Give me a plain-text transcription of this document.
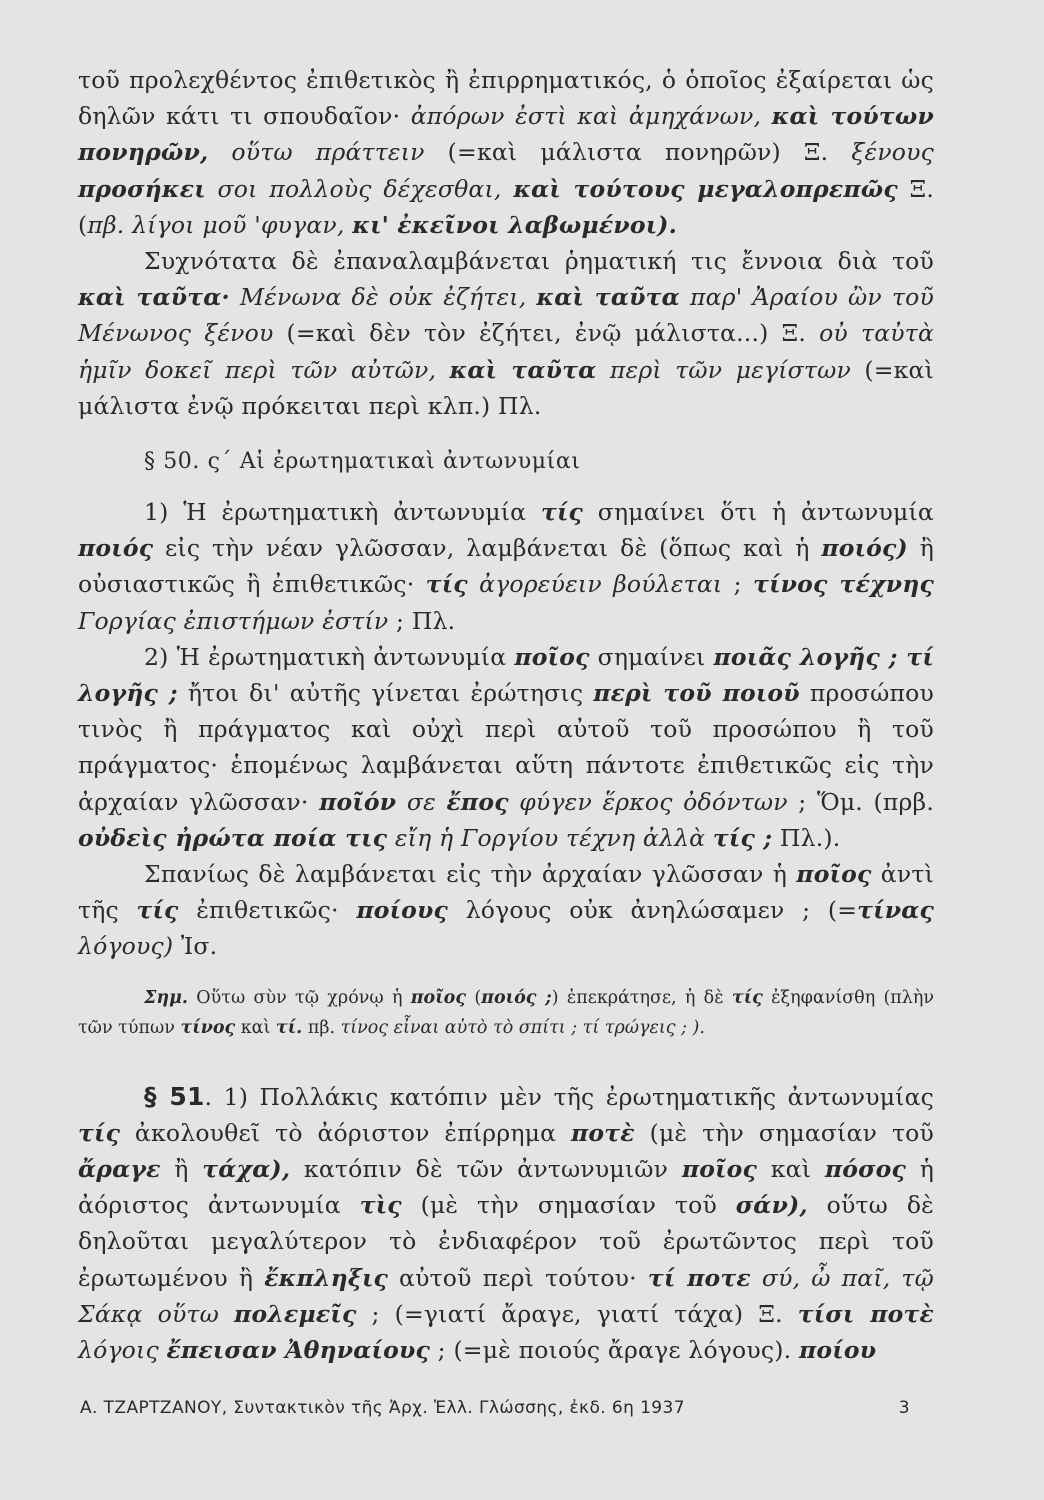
τοῦ προλεχθέντος ἐπιθετικὸς ἢ ἐπιρρηματικός, ὁ ὁποῖος ἐξαίρεται ὡς δηλῶν κάτι τι σπουδαῖον· ἀπόρων ἐστὶ καὶ ἀμηχάνων, καὶ τούτων πονηρῶν, οὕτω πράττειν (=καὶ μάλιστα πονηρῶν) Ξ. ξένους προσήκει σοι πολλοὺς δέχεσθαι, καὶ τούτους μεγαλοπρεπῶς Ξ. (πβ. λίγοι μοῦ 'φυγαν, κι' ἐκεῖνοι λαβωμένοι).

Συχνότατα δὲ ἐπαναλαμβάνεται ῥηματική τις ἔννοια διὰ τοῦ καὶ ταῦτα· Μένωνα δὲ οὐκ ἐζήτει, καὶ ταῦτα παρ' Ἀραίου ὢν τοῦ Μένωνος ξένου (=καὶ δὲν τὸν ἐζήτει, ἐνῷ μάλιστα...) Ξ. οὐ ταὐτὰ ἡμῖν δοκεῖ περὶ τῶν αὐτῶν, καὶ ταῦτα περὶ τῶν μεγίστων (=καὶ μάλιστα ἐνῷ πρόκειται περὶ κλπ.) Πλ.

§ 50. ς΄ Αἱ ἐρωτηματικαὶ ἀντωνυμίαι

1) Ἡ ἐρωτηματικὴ ἀντωνυμία τίς σημαίνει ὅτι ἡ ἀντωνυμία ποιός εἰς τὴν νέαν γλῶσσαν, λαμβάνεται δὲ (ὅπως καὶ ἡ ποιός) ἢ οὐσιαστικῶς ἢ ἐπιθετικῶς· τίς ἀγορεύειν βούλεται ; τίνος τέχνης Γοργίας ἐπιστήμων ἐστίν ; Πλ.

2) Ἡ ἐρωτηματικὴ ἀντωνυμία ποῖος σημαίνει ποιᾶς λογῆς ; τί λογῆς ; ἤτοι δι' αὐτῆς γίνεται ἐρώτησις περὶ τοῦ ποιοῦ προσώπου τινὸς ἢ πράγματος καὶ οὐχὶ περὶ αὐτοῦ τοῦ προσώπου ἢ τοῦ πράγματος· ἑπομένως λαμβάνεται αὕτη πάντοτε ἐπιθετικῶς εἰς τὴν ἀρχαίαν γλῶσσαν· ποῖόν σε ἔπος φύγεν ἕρκος ὀδόντων ; Ὅμ. (πρβ. οὐδεὶς ἠρώτα ποία τις εἴη ἡ Γοργίου τέχνη ἀλλὰ τίς ; Πλ.).

Σπανίως δὲ λαμβάνεται εἰς τὴν ἀρχαίαν γλῶσσαν ἡ ποῖος ἀντὶ τῆς τίς ἐπιθετικῶς· ποίους λόγους οὐκ ἀνηλώσαμεν ; (=τίνας λόγους) Ἰσ.

Σημ. Οὕτω σὺν τῷ χρόνῳ ἡ ποῖος (ποιός ;) ἐπεκράτησε, ἡ δὲ τίς ἐξηφανίσθη (πλὴν τῶν τύπων τίνος καὶ τί. πβ. τίνος εἶναι αὐτὸ τὸ σπίτι ; τί τρώγεις ; ).

§ 51. 1) Πολλάκις κατόπιν μὲν τῆς ἐρωτηματικῆς ἀντωνυμίας τίς ἀκολουθεῖ τὸ ἀόριστον ἐπίρρημα ποτὲ (μὲ τὴν σημασίαν τοῦ ἄραγε ἢ τάχα), κατόπιν δὲ τῶν ἀντωνυμιῶν ποῖος καὶ πόσος ἡ ἀόριστος ἀντωνυμία τὶς (μὲ τὴν σημασίαν τοῦ σάν), οὕτω δὲ δηλοῦται μεγαλύτερον τὸ ἐνδιαφέρον τοῦ ἐρωτῶντος περὶ τοῦ ἐρωτωμένου ἢ ἔκπληξις αὐτοῦ περὶ τούτου· τί ποτε σύ, ὦ παῖ, τῷ Σάκᾳ οὕτω πολεμεῖς ; (=γιατί ἄραγε, γιατί τάχα) Ξ. τίσι ποτὲ λόγοις ἔπεισαν Ἀθηναίους ; (=μὲ ποιούς ἄραγε λόγους). ποίου

Α. ΤΖΑΡΤΖΑΝΟΥ, Συντακτικὸν τῆς Ἀρχ. Ἑλλ. Γλώσσης, ἐκδ. 6η 1937	3
